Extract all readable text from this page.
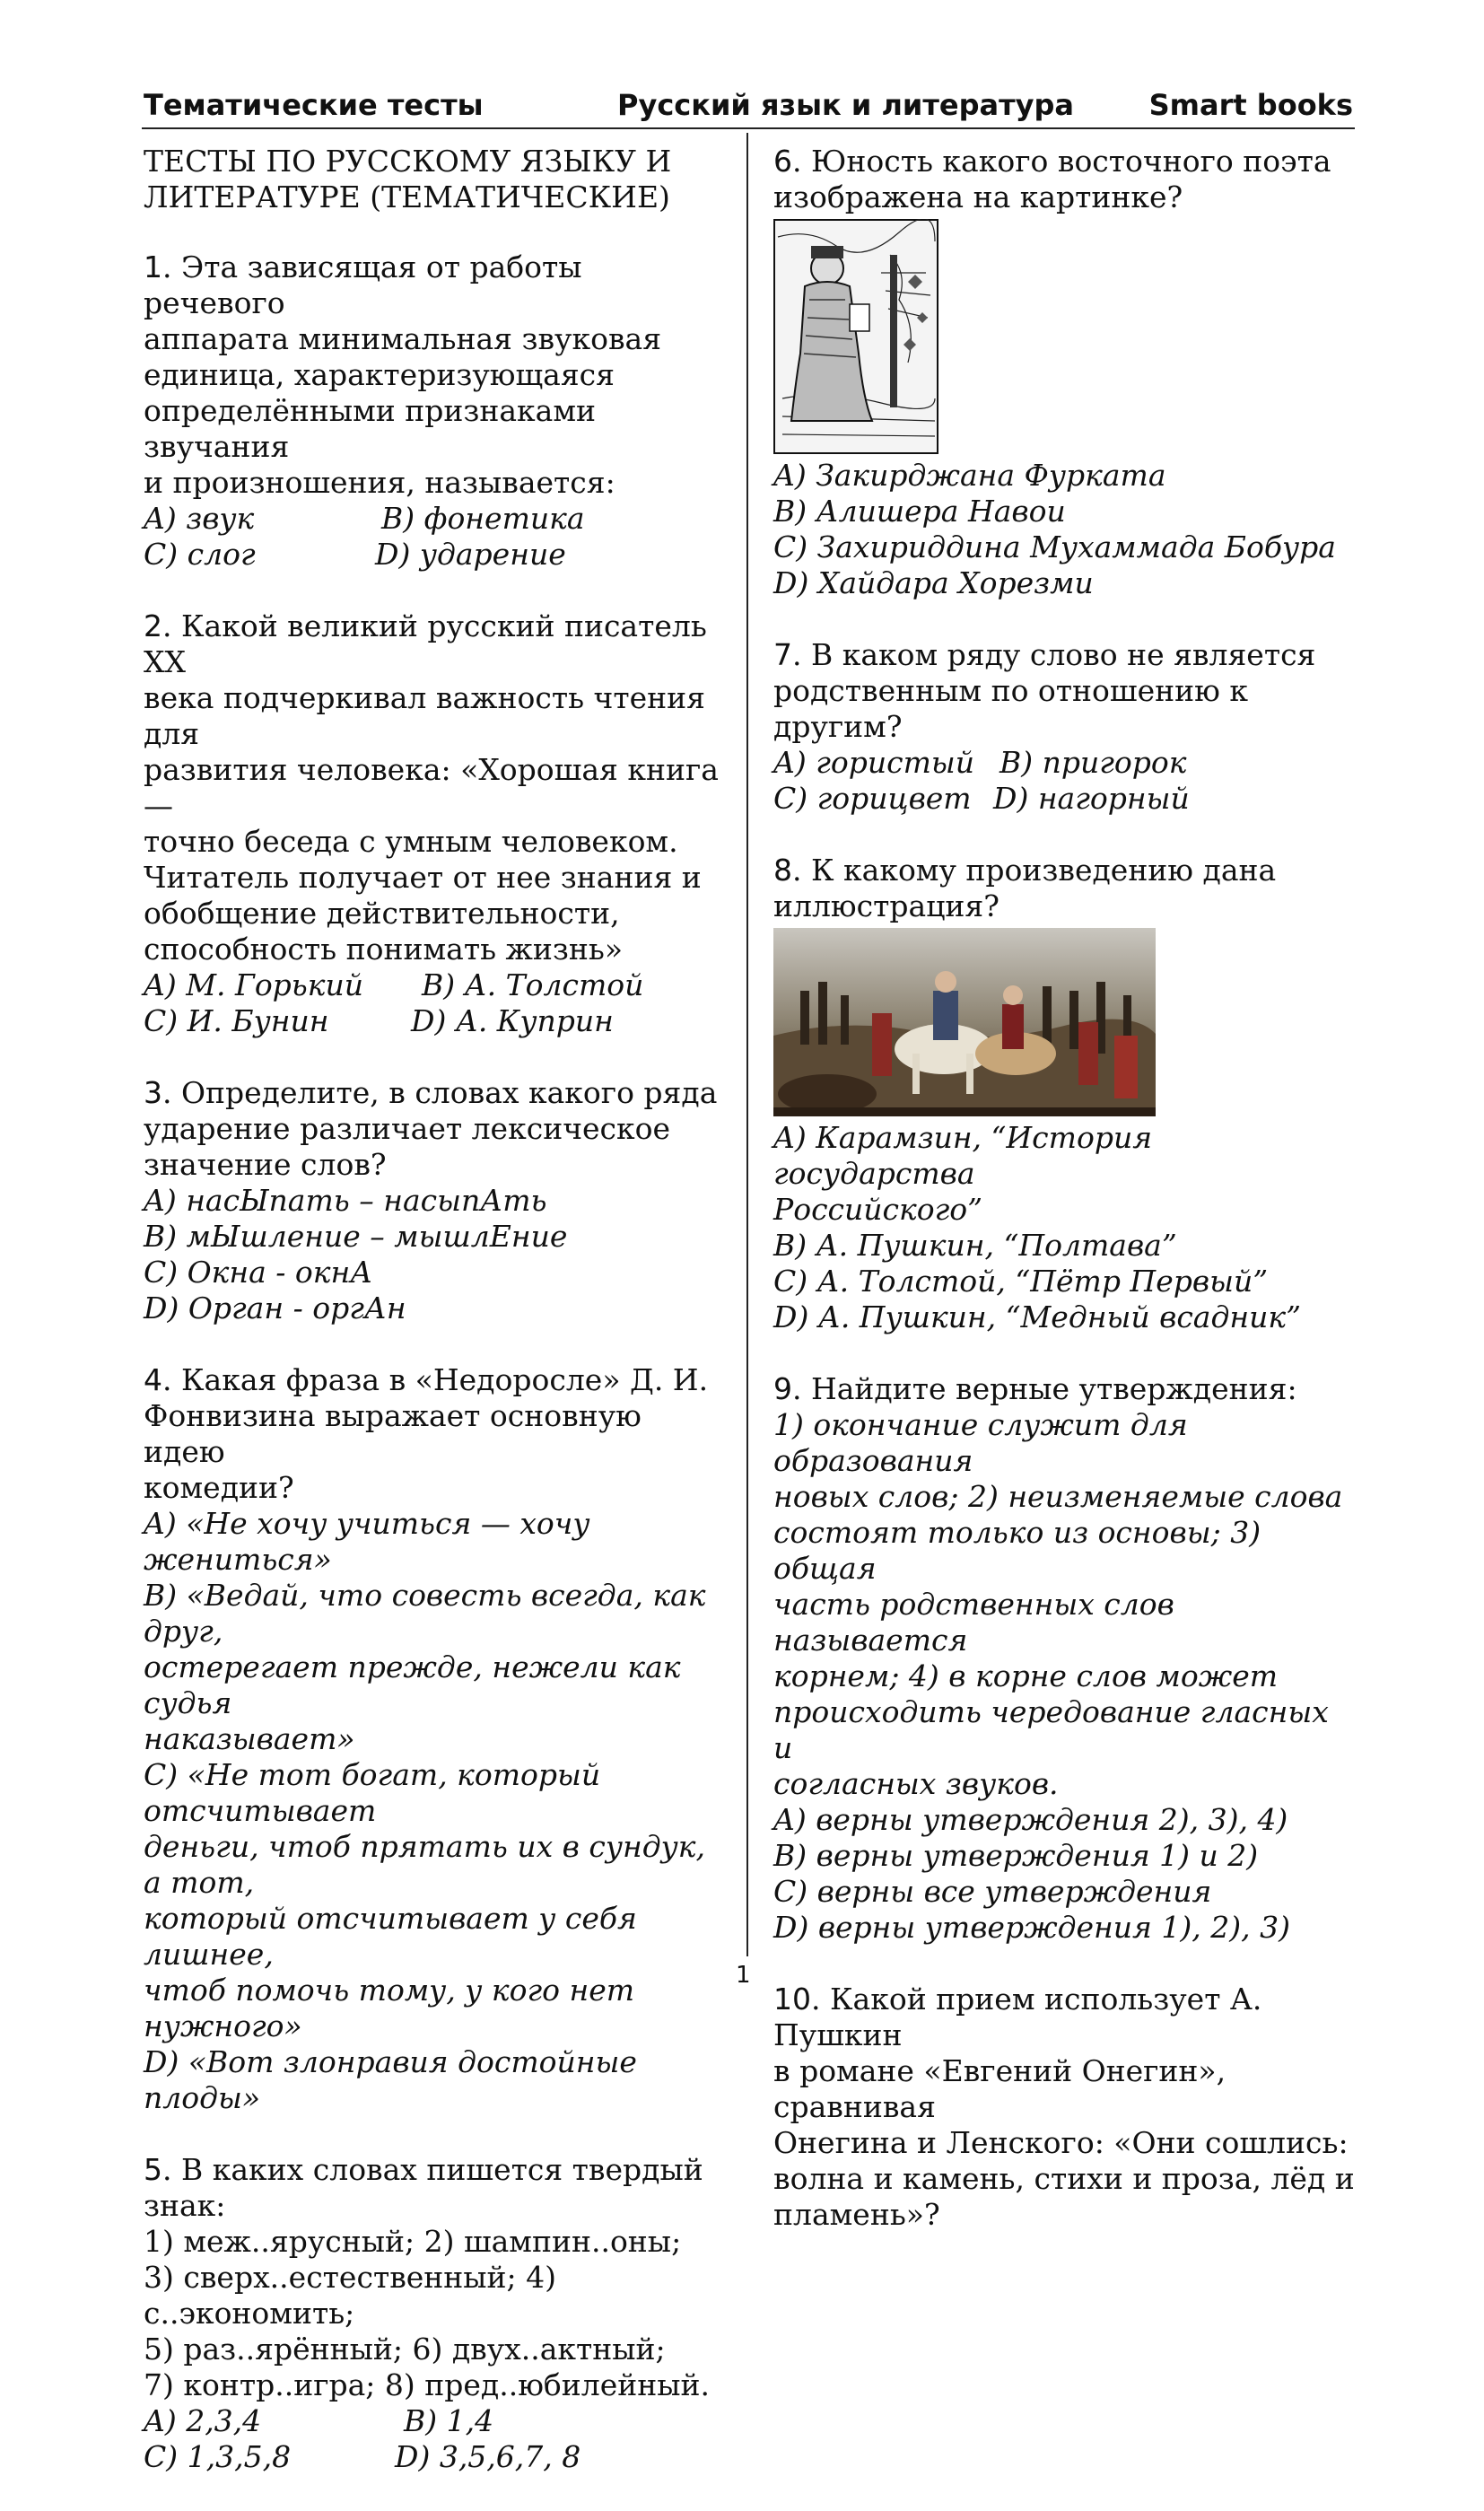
Тематические тесты	Русский язык и литература	Smart books
ТЕСТЫ ПО РУССКОМУ ЯЗЫКУ И
ЛИТЕРАТУРЕ (ТЕМАТИЧЕСКИЕ)

1. Эта зависящая от работы речевого

аппарата минимальная звуковая

единица, характеризующаяся

определёнными признаками звучания

и произношения, называется:

A) звук	B) фонетика
C) слог	D) ударение

2. Какой великий русский писатель XX

века подчеркивал важность чтения для

развития человека: «Хорошая книга —

точно беседа с умным человеком.

Читатель получает от нее знания и

обобщение действительности,

способность понимать жизнь»

A) М. Горький	B) А. Толстой
C) И. Бунин	D) А. Куприн

3. Определите, в словах какого ряда

ударение различает лексическое

значение слов?

A) насЫпать – насыпАть

B) мЫшление – мышлЕние

C) Окна - окнА

D) Орган - оргАн

4. Какая фраза в «Недоросле» Д. И.

Фонвизина выражает основную идею

комедии?

A) «Не хочу учиться — хочу жениться»

B) «Ведай, что совесть всегда, как друг,

остерегает прежде, нежели как судья

наказывает»

C) «Не тот богат, который отсчитывает

деньги, чтоб прятать их в сундук, а тот,

который отсчитывает у себя лишнее,

чтоб помочь тому, у кого нет нужного»

D) «Вот злонравия достойные плоды»

5. В каких словах пишется твердый

знак:

1) меж..ярусный; 2) шампин..оны;

3) сверх..естественный; 4) с..экономить;

5) раз..ярённый; 6) двух..актный;

7) контр..игра; 8) пред..юбилейный.

A) 2,3,4	B) 1,4
C) 1,3,5,8	D) 3,5,6,7, 8

6. Юность какого восточного поэта

изображена на картинке?

A) Закирджана Фурката

B) Алишера Навои

C) Захириддина Мухаммада Бобура

D) Хайдара Хорезми

7. В каком ряду слово не является

родственным по отношению к другим?

A) гористый B) пригорок
C) горицвет D) нагорный

8. К какому произведению дана

иллюстрация?

A) Карамзин, “История государства

Российского”

B) А. Пушкин, “Полтава”

C) А. Толстой, “Пётр Первый”

D) А. Пушкин, “Медный всадник”

9. Найдите верные утверждения:

1) окончание служит для образования

новых слов; 2) неизменяемые слова

состоят только из основы; 3) общая

часть родственных слов называется

корнем; 4) в корне слов может

происходить чередование гласных и

согласных звуков.

A) верны утверждения 2), 3), 4)

B) верны утверждения 1) и 2)

C) верны все утверждения

D) верны утверждения 1), 2), 3)

10. Какой прием использует А. Пушкин

в романе «Евгений Онегин», сравнивая

Онегина и Ленского: «Они сошлись:

волна и камень, стихи и проза, лёд и

пламень»?

1
